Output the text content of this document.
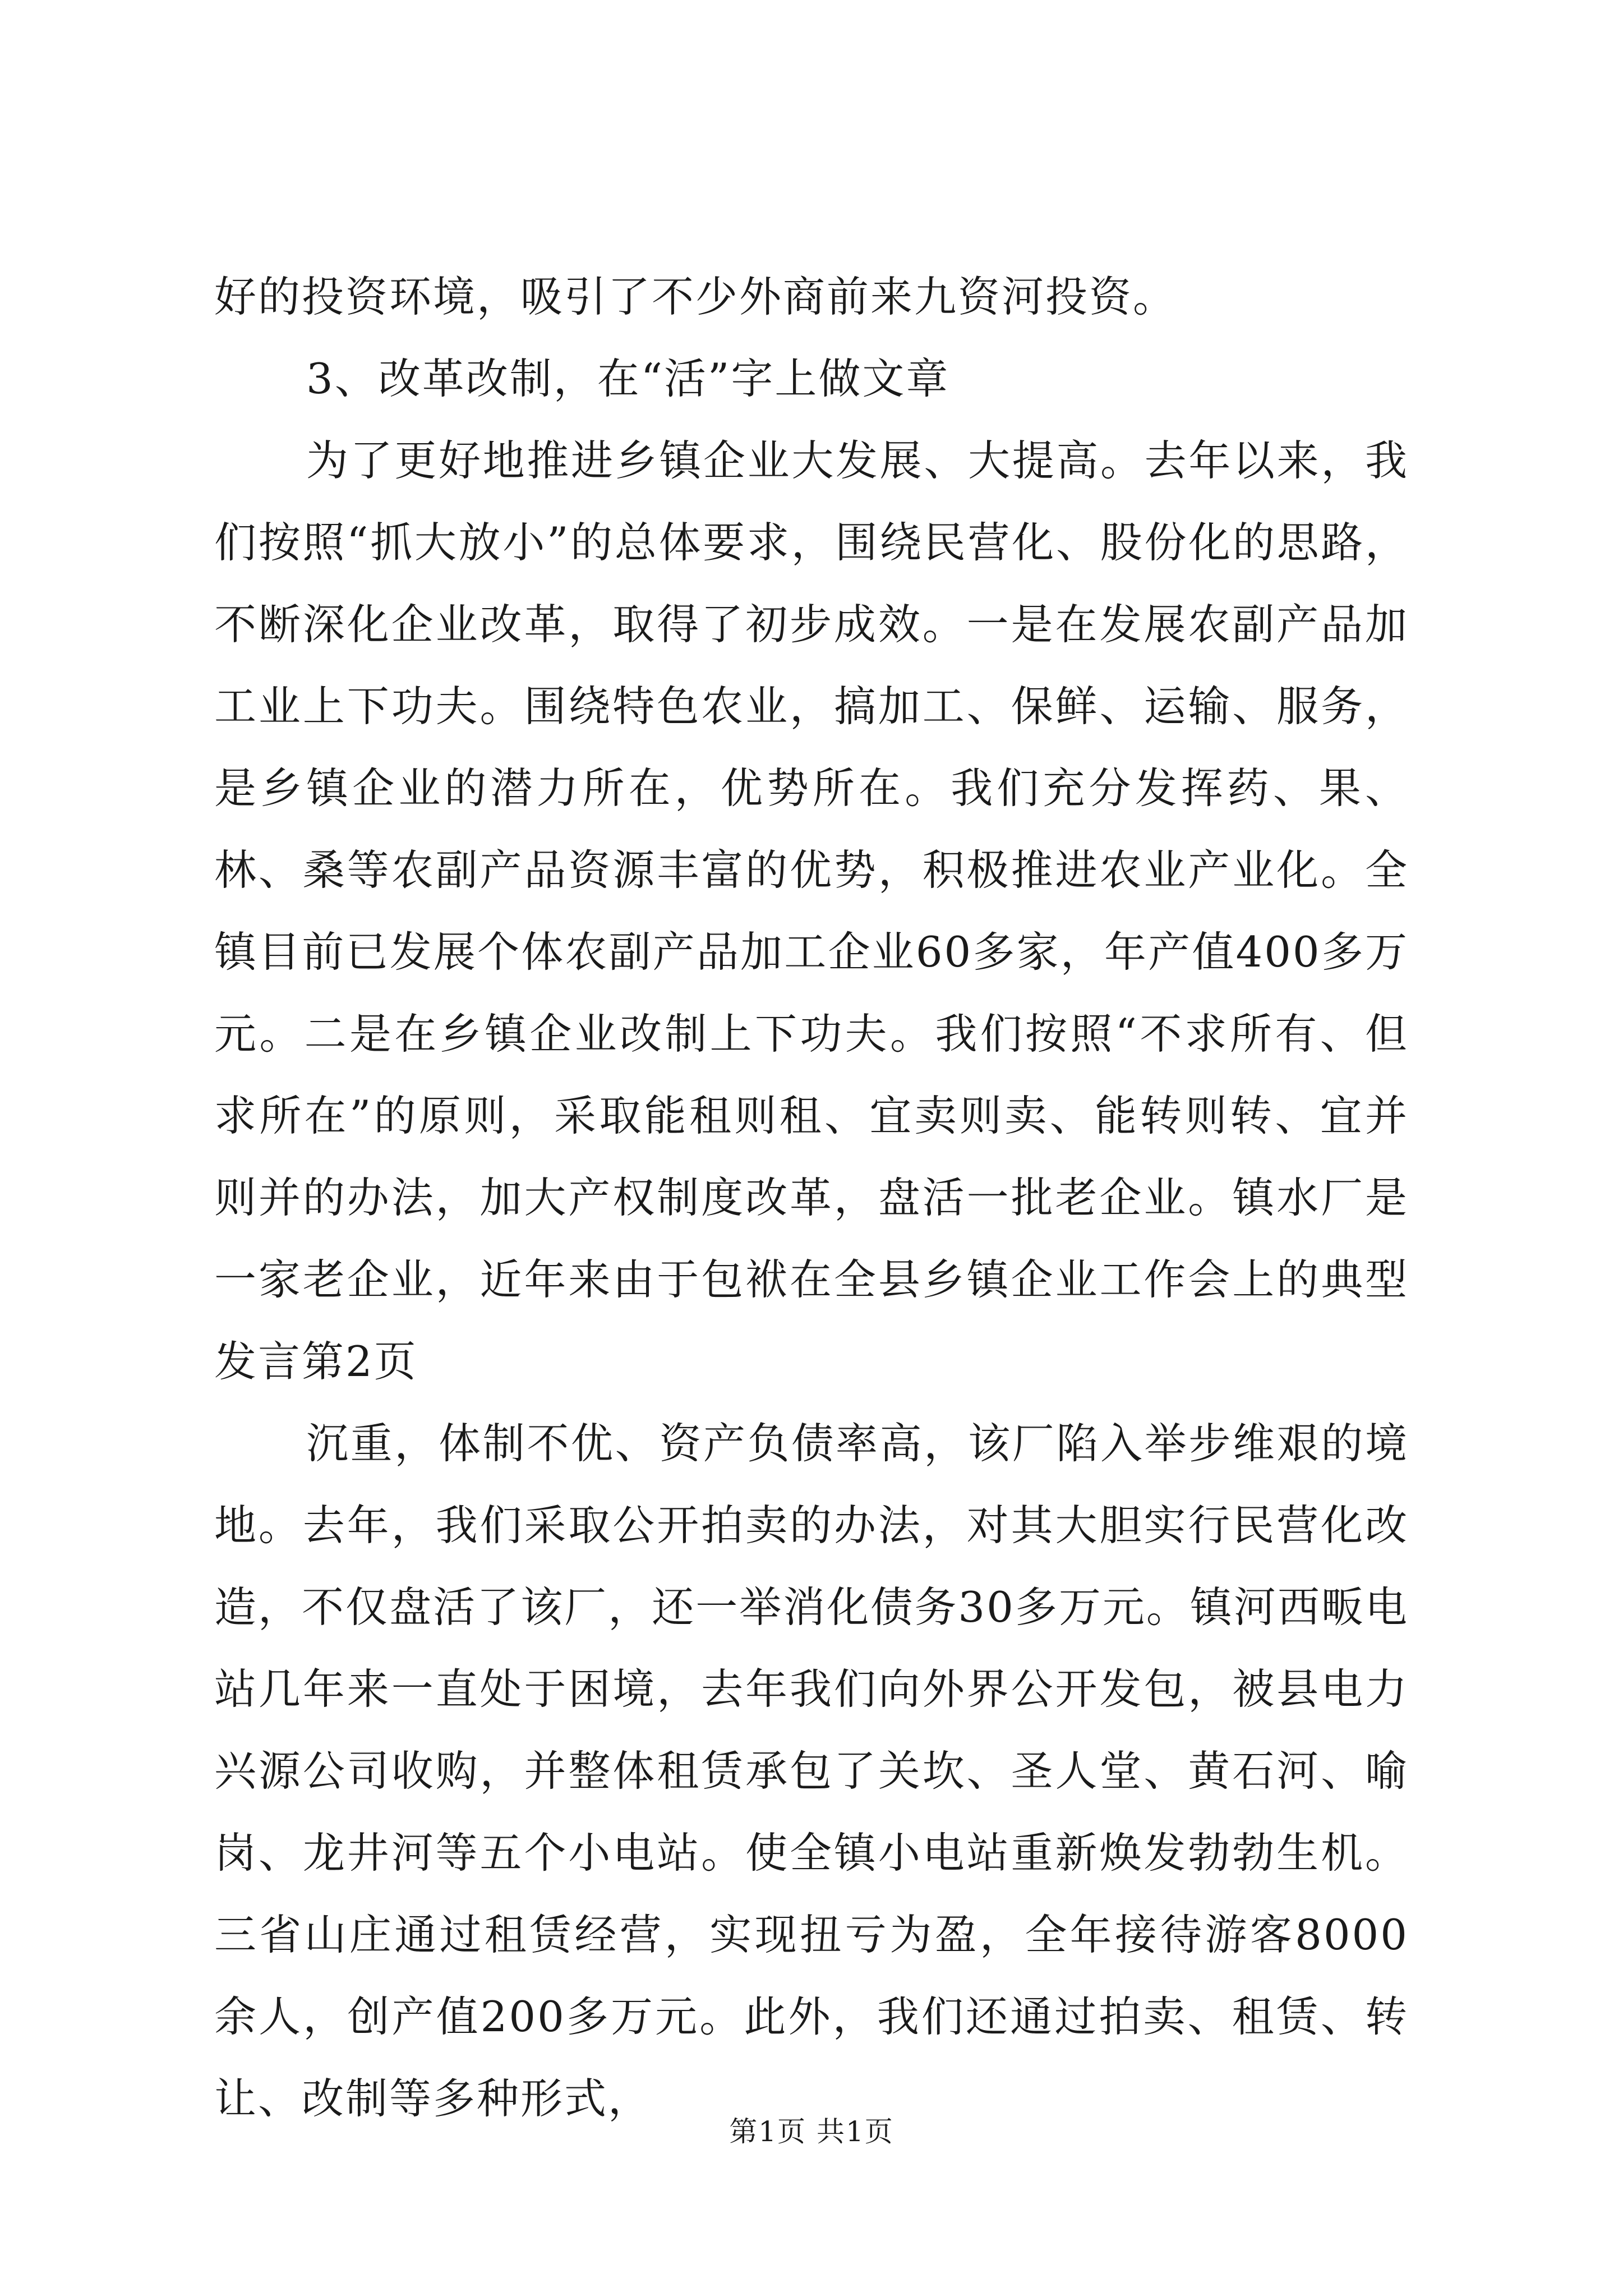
好的投资环境，吸引了不少外商前来九资河投资。

3、改革改制，在“活”字上做文章

为了更好地推进乡镇企业大发展、大提高。去年以来，我们按照“抓大放小”的总体要求，围绕民营化、股份化的思路，不断深化企业改革，取得了初步成效。一是在发展农副产品加工业上下功夫。围绕特色农业，搞加工、保鲜、运输、服务，是乡镇企业的潜力所在，优势所在。我们充分发挥药、果、林、桑等农副产品资源丰富的优势，积极推进农业产业化。全镇目前已发展个体农副产品加工企业60多家，年产值400多万元。二是在乡镇企业改制上下功夫。我们按照“不求所有、但求所在”的原则，采取能租则租、宜卖则卖、能转则转、宜并则并的办法，加大产权制度改革，盘活一批老企业。镇水厂是一家老企业，近年来由于包袱在全县乡镇企业工作会上的典型发言第2页

沉重，体制不优、资产负债率高，该厂陷入举步维艰的境地。去年，我们采取公开拍卖的办法，对其大胆实行民营化改造，不仅盘活了该厂，还一举消化债务30多万元。镇河西畈电站几年来一直处于困境，去年我们向外界公开发包，被县电力兴源公司收购，并整体租赁承包了关坎、圣人堂、黄石河、喻岗、龙井河等五个小电站。使全镇小电站重新焕发勃勃生机。三省山庄通过租赁经营，实现扭亏为盈，全年接待游客8000余人，创产值200多万元。此外，我们还通过拍卖、租赁、转让、改制等多种形式，

第1页 共1页
